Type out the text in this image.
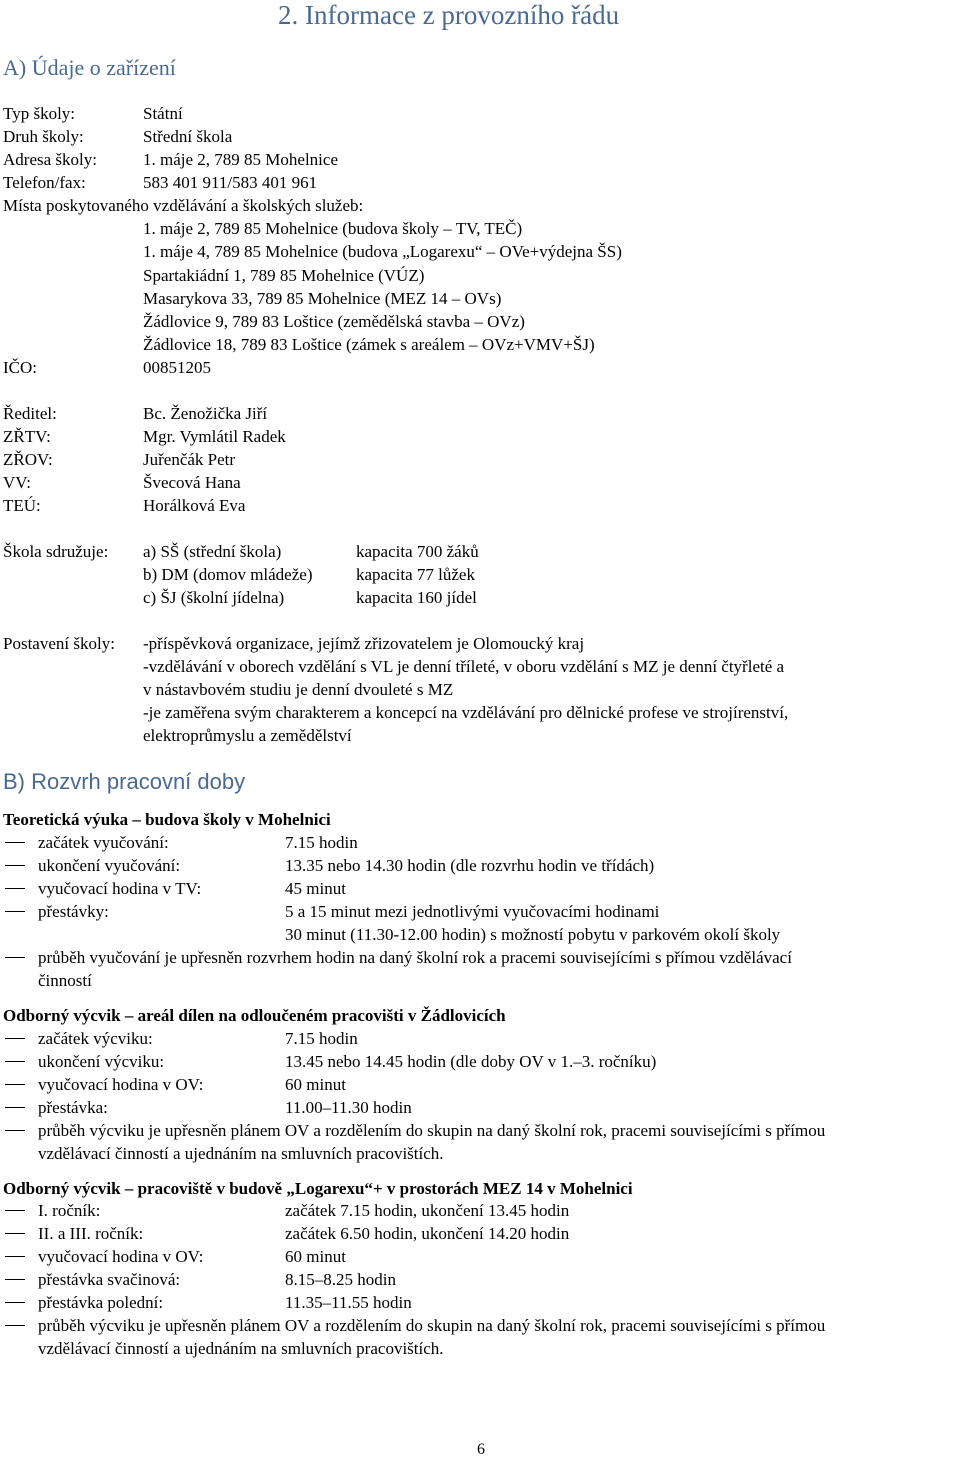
2. Informace z provozního řádu
A) Údaje o zařízení
Typ školy:	Státní
Druh školy:	Střední škola
Adresa školy:	1. máje 2, 789 85 Mohelnice
Telefon/fax:	583 401 911/583 401 961
Místa poskytovaného vzdělávání a školských služeb:
1. máje 2, 789 85 Mohelnice (budova školy – TV, TEČ)
1. máje 4, 789 85 Mohelnice (budova „Logarexu“ – OVe+výdejna ŠS)
Spartakiádní 1, 789 85 Mohelnice (VÚZ)
Masarykova 33, 789 85 Mohelnice (MEZ 14 – OVs)
Žádlovice 9, 789 83 Loštice (zemědělská stavba – OVz)
Žádlovice 18, 789 83 Loštice (zámek s areálem – OVz+VMV+ŠJ)
IČO:	00851205
Ředitel:	Bc. Ženožička Jiří
ZŘTV:	Mgr. Vymlátil Radek
ZŘOV:	Juřenčák Petr
VV:	Švecová Hana
TEÚ:	Horálková Eva
Škola sdružuje: a) SŠ (střední škola)	kapacita 700 žáků
b) DM (domov mládeže)	kapacita 77 lůžek
c) ŠJ (školní jídelna)	kapacita 160 jídel
Postavení školy: -příspěvková organizace, jejímž zřizovatelem je Olomoucký kraj
-vzdělávání v oborech vzdělání s VL je denní tříleté, v oboru vzdělání s MZ je denní čtyřleté a
v nástavbovém studiu je denní dvouleté s MZ
-je zaměřena svým charakterem a koncepcí na vzdělávání pro dělnické profese ve strojírenství,
elektroprůmyslu a zemědělství
B) Rozvrh pracovní doby
Teoretická výuka – budova školy v Mohelnici
začátek vyučování:	7.15 hodin
ukončení vyučování:	13.35 nebo 14.30 hodin (dle rozvrhu hodin ve třídách)
vyučovací hodina v TV:	45 minut
přestávky:	5 a 15 minut mezi jednotlivými vyučovacími hodinami
30 minut (11.30-12.00 hodin) s možností pobytu v parkovém okolí školy
průběh vyučování je upřesněn rozvrhem hodin na daný školní rok a pracemi souvisejícími s přímou vzdělávací
činností
Odborný výcvik – areál dílen na odloučeném pracovišti v Žádlovicích
začátek výcviku:	7.15 hodin
ukončení výcviku:	13.45 nebo 14.45 hodin (dle doby OV v 1.–3. ročníku)
vyučovací hodina v OV:	60 minut
přestávka:	11.00–11.30 hodin
průběh výcviku je upřesněn plánem OV a rozdělením do skupin na daný školní rok, pracemi souvisejícími s přímou
vzdělávací činností a ujednáním na smluvních pracovištích.
Odborný výcvik – pracoviště v budově „Logarexu“+ v prostorách MEZ 14 v Mohelnici
I. ročník:	začátek 7.15 hodin, ukončení 13.45 hodin
II. a III. ročník:	začátek 6.50 hodin, ukončení 14.20 hodin
vyučovací hodina v OV:	60 minut
přestávka svačinová:	8.15–8.25 hodin
přestávka polední:	11.35–11.55 hodin
průběh výcviku je upřesněn plánem OV a rozdělením do skupin na daný školní rok, pracemi souvisejícími s přímou
vzdělávací činností a ujednáním na smluvních pracovištích.
6
